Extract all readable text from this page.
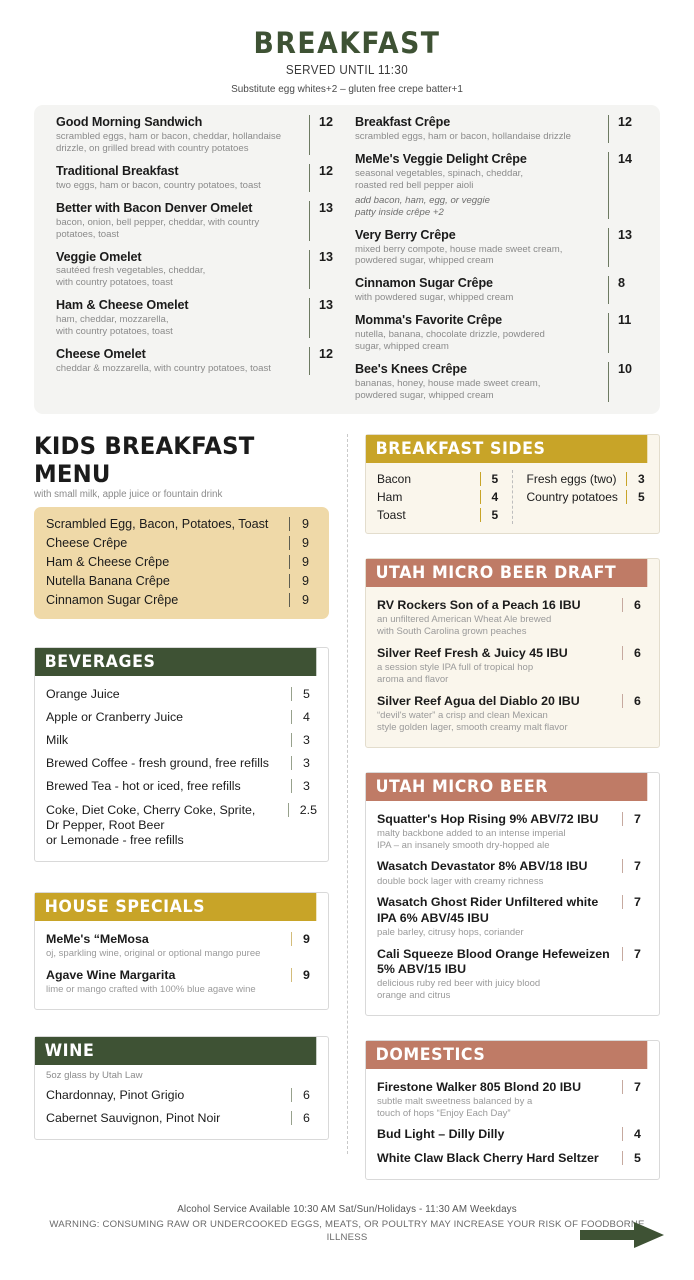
BREAKFAST
SERVED UNTIL 11:30
Substitute egg whites+2 – gluten free crepe batter+1
Good Morning Sandwich
scrambled eggs, ham or bacon, cheddar, hollandaise
drizzle, on grilled bread with country potatoes
12
Traditional Breakfast
two eggs, ham or bacon, country potatoes, toast
12
Better with Bacon Denver Omelet
bacon, onion, bell pepper, cheddar, with country
potatoes, toast
13
Veggie Omelet
sautéed fresh vegetables, cheddar,
with country potatoes, toast
13
Ham & Cheese Omelet
ham, cheddar, mozzarella,
with country potatoes, toast
13
Cheese Omelet
cheddar & mozzarella, with country potatoes, toast
12
Breakfast Crêpe
scrambled eggs, ham or bacon, hollandaise drizzle
12
MeMe's Veggie Delight Crêpe
seasonal vegetables, spinach, cheddar,
roasted red bell pepper aioli
add bacon, ham, egg, or veggie
patty inside crêpe +2
14
Very Berry Crêpe
mixed berry compote, house made sweet cream,
powdered sugar, whipped cream
13
Cinnamon Sugar Crêpe
with powdered sugar, whipped cream
8
Momma's Favorite Crêpe
nutella, banana, chocolate drizzle, powdered
sugar, whipped cream
11
Bee's Knees Crêpe
bananas, honey, house made sweet cream,
powdered sugar, whipped cream
10
KIDS BREAKFAST MENU
with small milk, apple juice or fountain drink
Scrambled Egg, Bacon, Potatoes, Toast	9
Cheese Crêpe	9
Ham & Cheese Crêpe	9
Nutella Banana Crêpe	9
Cinnamon Sugar Crêpe	9
BEVERAGES
Orange Juice	5
Apple or Cranberry Juice	4
Milk	3
Brewed Coffee - fresh ground, free refills	3
Brewed Tea - hot or iced, free refills	3
Coke, Diet Coke, Cherry Coke, Sprite,
Dr Pepper, Root Beer
or Lemonade - free refills
2.5
HOUSE SPECIALS
MeMe's “MeMosa
oj, sparkling wine, original or optional mango puree
9
Agave Wine Margarita
lime or mango crafted with 100% blue agave wine
9
WINE
5oz glass by Utah Law
Chardonnay, Pinot Grigio	6
Cabernet Sauvignon, Pinot Noir	6
BREAKFAST SIDES
Bacon	5
Ham	4
Toast	5
Fresh eggs (two)	3
Country potatoes	5
UTAH MICRO BEER DRAFT
RV Rockers Son of a Peach 16 IBU
an unfiltered American Wheat Ale brewed
with South Carolina grown peaches
6
Silver Reef Fresh & Juicy 45 IBU
a session style IPA full of tropical hop
aroma and flavor
6
Silver Reef Agua del Diablo 20 IBU
“devil's water” a crisp and clean Mexican
style golden lager, smooth creamy malt flavor
6
UTAH MICRO BEER
Squatter's Hop Rising 9% ABV/72 IBU
malty backbone added to an intense imperial
IPA – an insanely smooth dry-hopped ale
7
Wasatch Devastator 8% ABV/18 IBU
double bock lager with creamy richness
7
Wasatch Ghost Rider Unfiltered white
IPA 6% ABV/45 IBU
pale barley, citrusy hops, coriander
7
Cali Squeeze Blood Orange Hefeweizen
5% ABV/15 IBU
delicious ruby red beer with juicy blood
orange and citrus
7
DOMESTICS
Firestone Walker 805 Blond 20 IBU
subtle malt sweetness balanced by a
touch of hops “Enjoy Each Day”
7
Bud Light – Dilly Dilly	4
White Claw Black Cherry Hard Seltzer	5
Alcohol Service Available 10:30 AM Sat/Sun/Holidays - 11:30 AM Weekdays
WARNING: CONSUMING RAW OR UNDERCOOKED EGGS, MEATS, OR POULTRY MAY INCREASE YOUR RISK OF FOODBORNE ILLNESS
